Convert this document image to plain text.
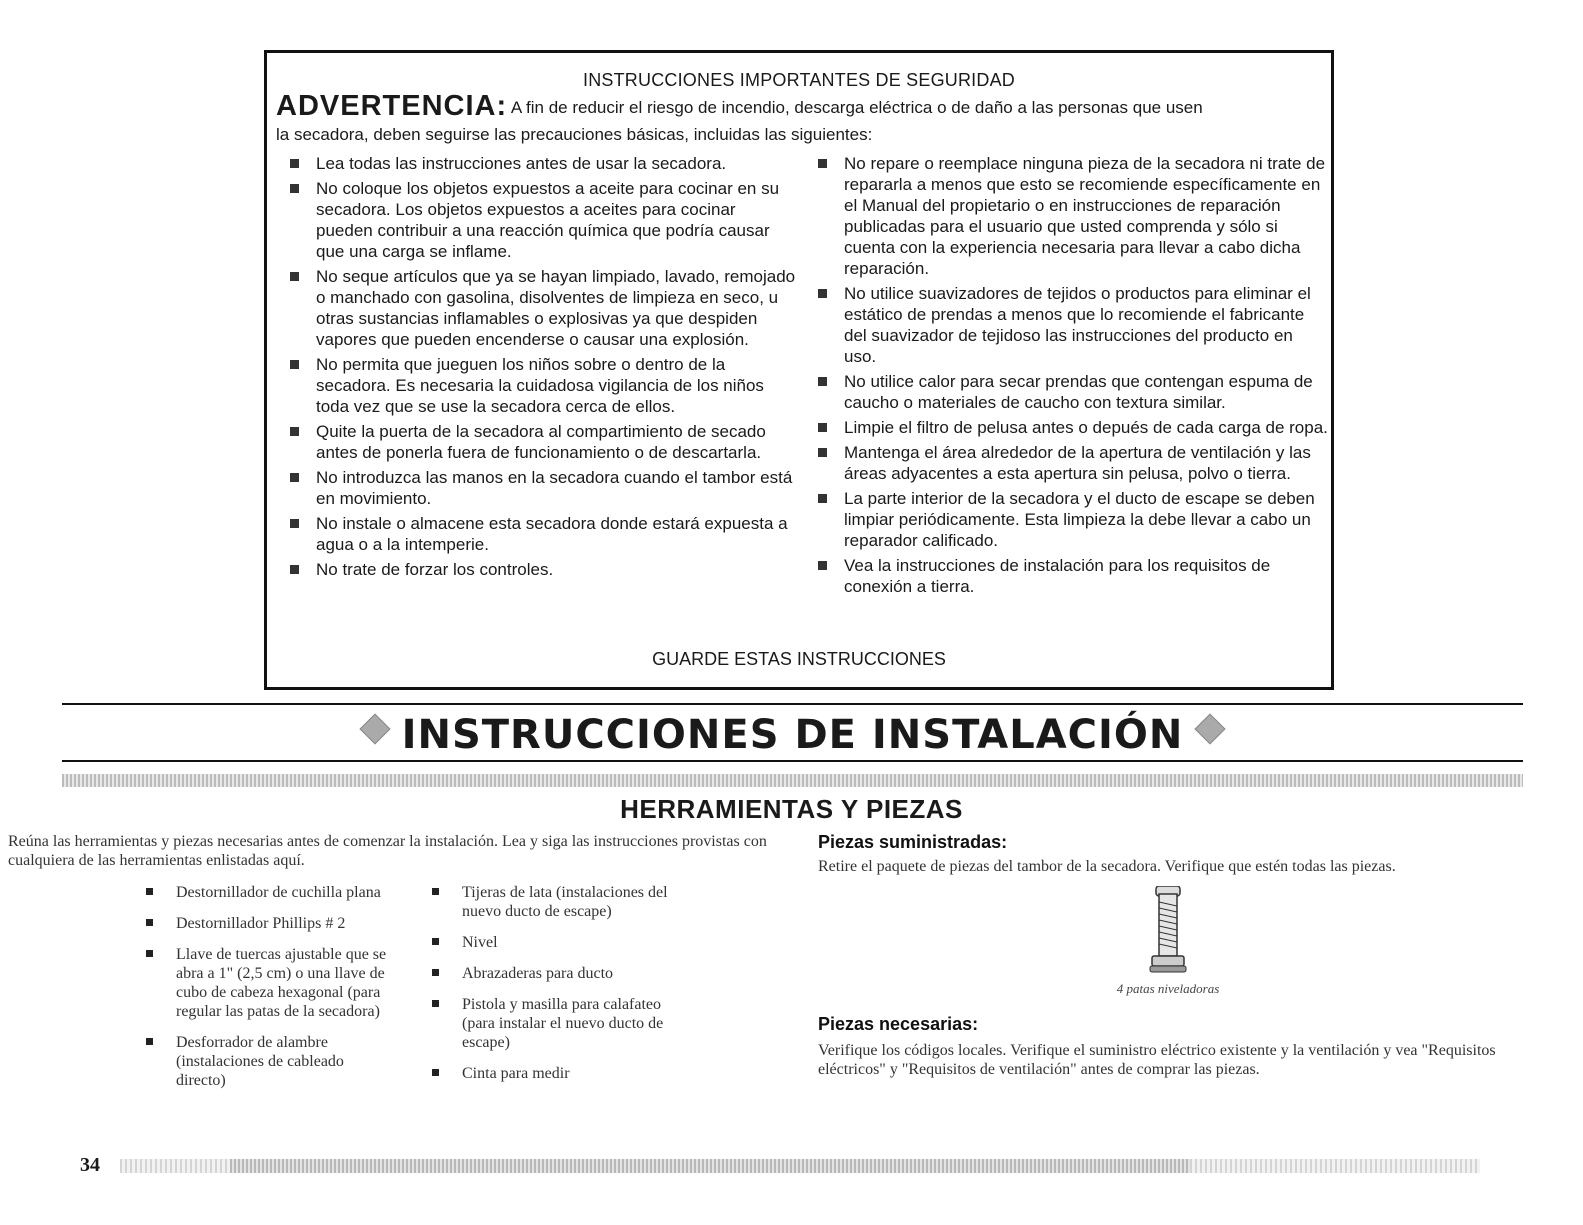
INSTRUCCIONES IMPORTANTES DE SEGURIDAD
ADVERTENCIA: A fin de reducir el riesgo de incendio, descarga eléctrica o de daño a las personas que usen
la secadora, deben seguirse las precauciones básicas, incluidas las siguientes:
Lea todas las instrucciones antes de usar la secadora.
No coloque los objetos expuestos a aceite para cocinar en su secadora. Los objetos expuestos a aceites para cocinar pueden contribuir a una reacción química que podría causar que una carga se inflame.
No seque artículos que ya se hayan limpiado, lavado, remojado o manchado con gasolina, disolventes de limpieza en seco, u otras sustancias inflamables o explosivas ya que despiden vapores que pueden encenderse o causar una explosión.
No permita que jueguen los niños sobre o dentro de la secadora. Es necesaria la cuidadosa vigilancia de los niños toda vez que se use la secadora cerca de ellos.
Quite la puerta de la secadora al compartimiento de secado antes de ponerla fuera de funcionamiento o de descartarla.
No introduzca las manos en la secadora cuando el tambor está en movimiento.
No instale o almacene esta secadora donde estará expuesta a agua o a la intemperie.
No trate de forzar los controles.
No repare o reemplace ninguna pieza de la secadora ni trate de repararla a menos que esto se recomiende específicamente en el Manual del propietario o en instrucciones de reparación publicadas para el usuario que usted comprenda y sólo si cuenta con la experiencia necesaria para llevar a cabo dicha reparación.
No utilice suavizadores de tejidos o productos para eliminar el estático de prendas a menos que lo recomiende el fabricante del suavizador de tejidoso las instrucciones del producto en uso.
No utilice calor para secar prendas que contengan espuma de caucho o materiales de caucho con textura similar.
Limpie el filtro de pelusa antes o depués de cada carga de ropa.
Mantenga el área alrededor de la apertura de ventilación y las áreas adyacentes a esta apertura sin pelusa, polvo o tierra.
La parte interior de la secadora y el ducto de escape se deben limpiar periódicamente. Esta limpieza la debe llevar a cabo un reparador calificado.
Vea la instrucciones de instalación para los requisitos de conexión a tierra.
GUARDE ESTAS INSTRUCCIONES
INSTRUCCIONES DE INSTALACIÓN
HERRAMIENTAS Y PIEZAS
Reúna las herramientas y piezas necesarias antes de comenzar la instalación. Lea y siga las instrucciones provistas con cualquiera de las herramientas enlistadas aquí.
Destornillador de cuchilla plana
Destornillador Phillips # 2
Llave de tuercas ajustable que se abra a 1" (2,5 cm) o una llave de cubo de cabeza hexagonal (para regular las patas de la secadora)
Desforrador de alambre (instalaciones de cableado directo)
Tijeras de lata (instalaciones del nuevo ducto de escape)
Nivel
Abrazaderas para ducto
Pistola y masilla para calafateo (para instalar el nuevo ducto de escape)
Cinta para medir
Piezas suministradas:
Retire el paquete de piezas del tambor de la secadora. Verifique que estén todas las piezas.
4 patas niveladoras
Piezas necesarias:
Verifique los códigos locales. Verifique el suministro eléctrico existente y la ventilación y vea "Requisitos eléctricos" y "Requisitos de ventilación" antes de comprar las piezas.
34
